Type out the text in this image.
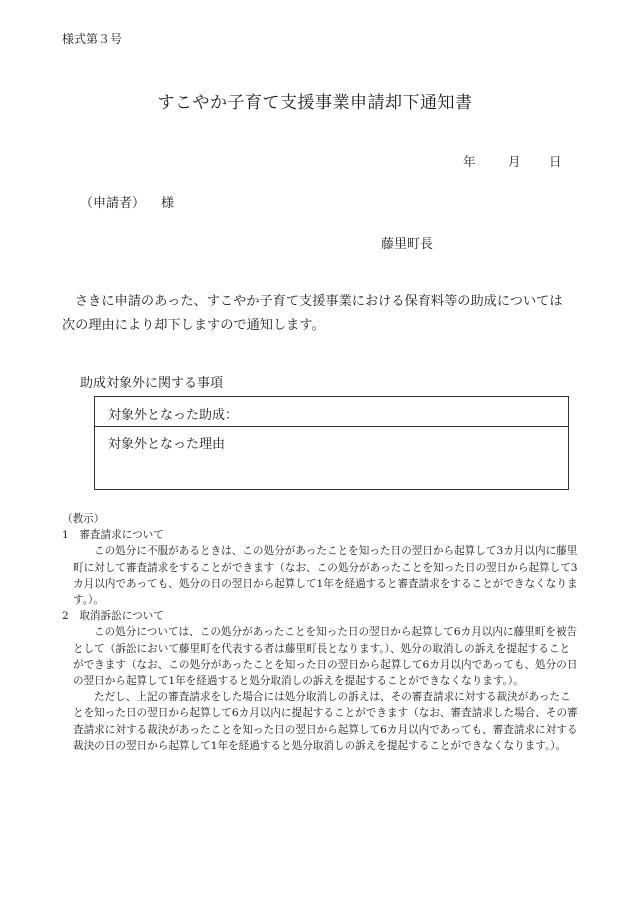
様式第３号
すこやか子育て支援事業申請却下通知書
年	月 日
（申請者） 様
藤里町長
さきに申請のあった、すこやか子育て支援事業における保育料等の助成については次の理由により却下しますので通知します。
助成対象外に関する事項
対象外となった助成：
対象外となった理由

（教示）

1　審査請求について

この処分に不服があるときは、この処分があったことを知った日の翌日から起算して3カ月以内に藤里町に対して審査請求をすることができます（なお、この処分があったことを知った日の翌日から起算して3カ月以内であっても、処分の日の翌日から起算して1年を経過すると審査請求をすることができなくなります。）。

2　取消訴訟について

この処分については、この処分があったことを知った日の翌日から起算して6カ月以内に藤里町を被告として（訴訟において藤里町を代表する者は藤里町長となります。）、処分の取消しの訴えを提起することができます（なお、この処分があったことを知った日の翌日から起算して6カ月以内であっても、処分の日の翌日から起算して1年を経過すると処分取消しの訴えを提起することができなくなります。）。

ただし、上記の審査請求をした場合には処分取消しの訴えは、その審査請求に対する裁決があったことを知った日の翌日から起算して6カ月以内に提起することができます（なお、審査請求した場合、その審査請求に対する裁決があったことを知った日の翌日から起算して6カ月以内であっても、審査請求に対する裁決の日の翌日から起算して1年を経過すると処分取消しの訴えを提起することができなくなります。）。
